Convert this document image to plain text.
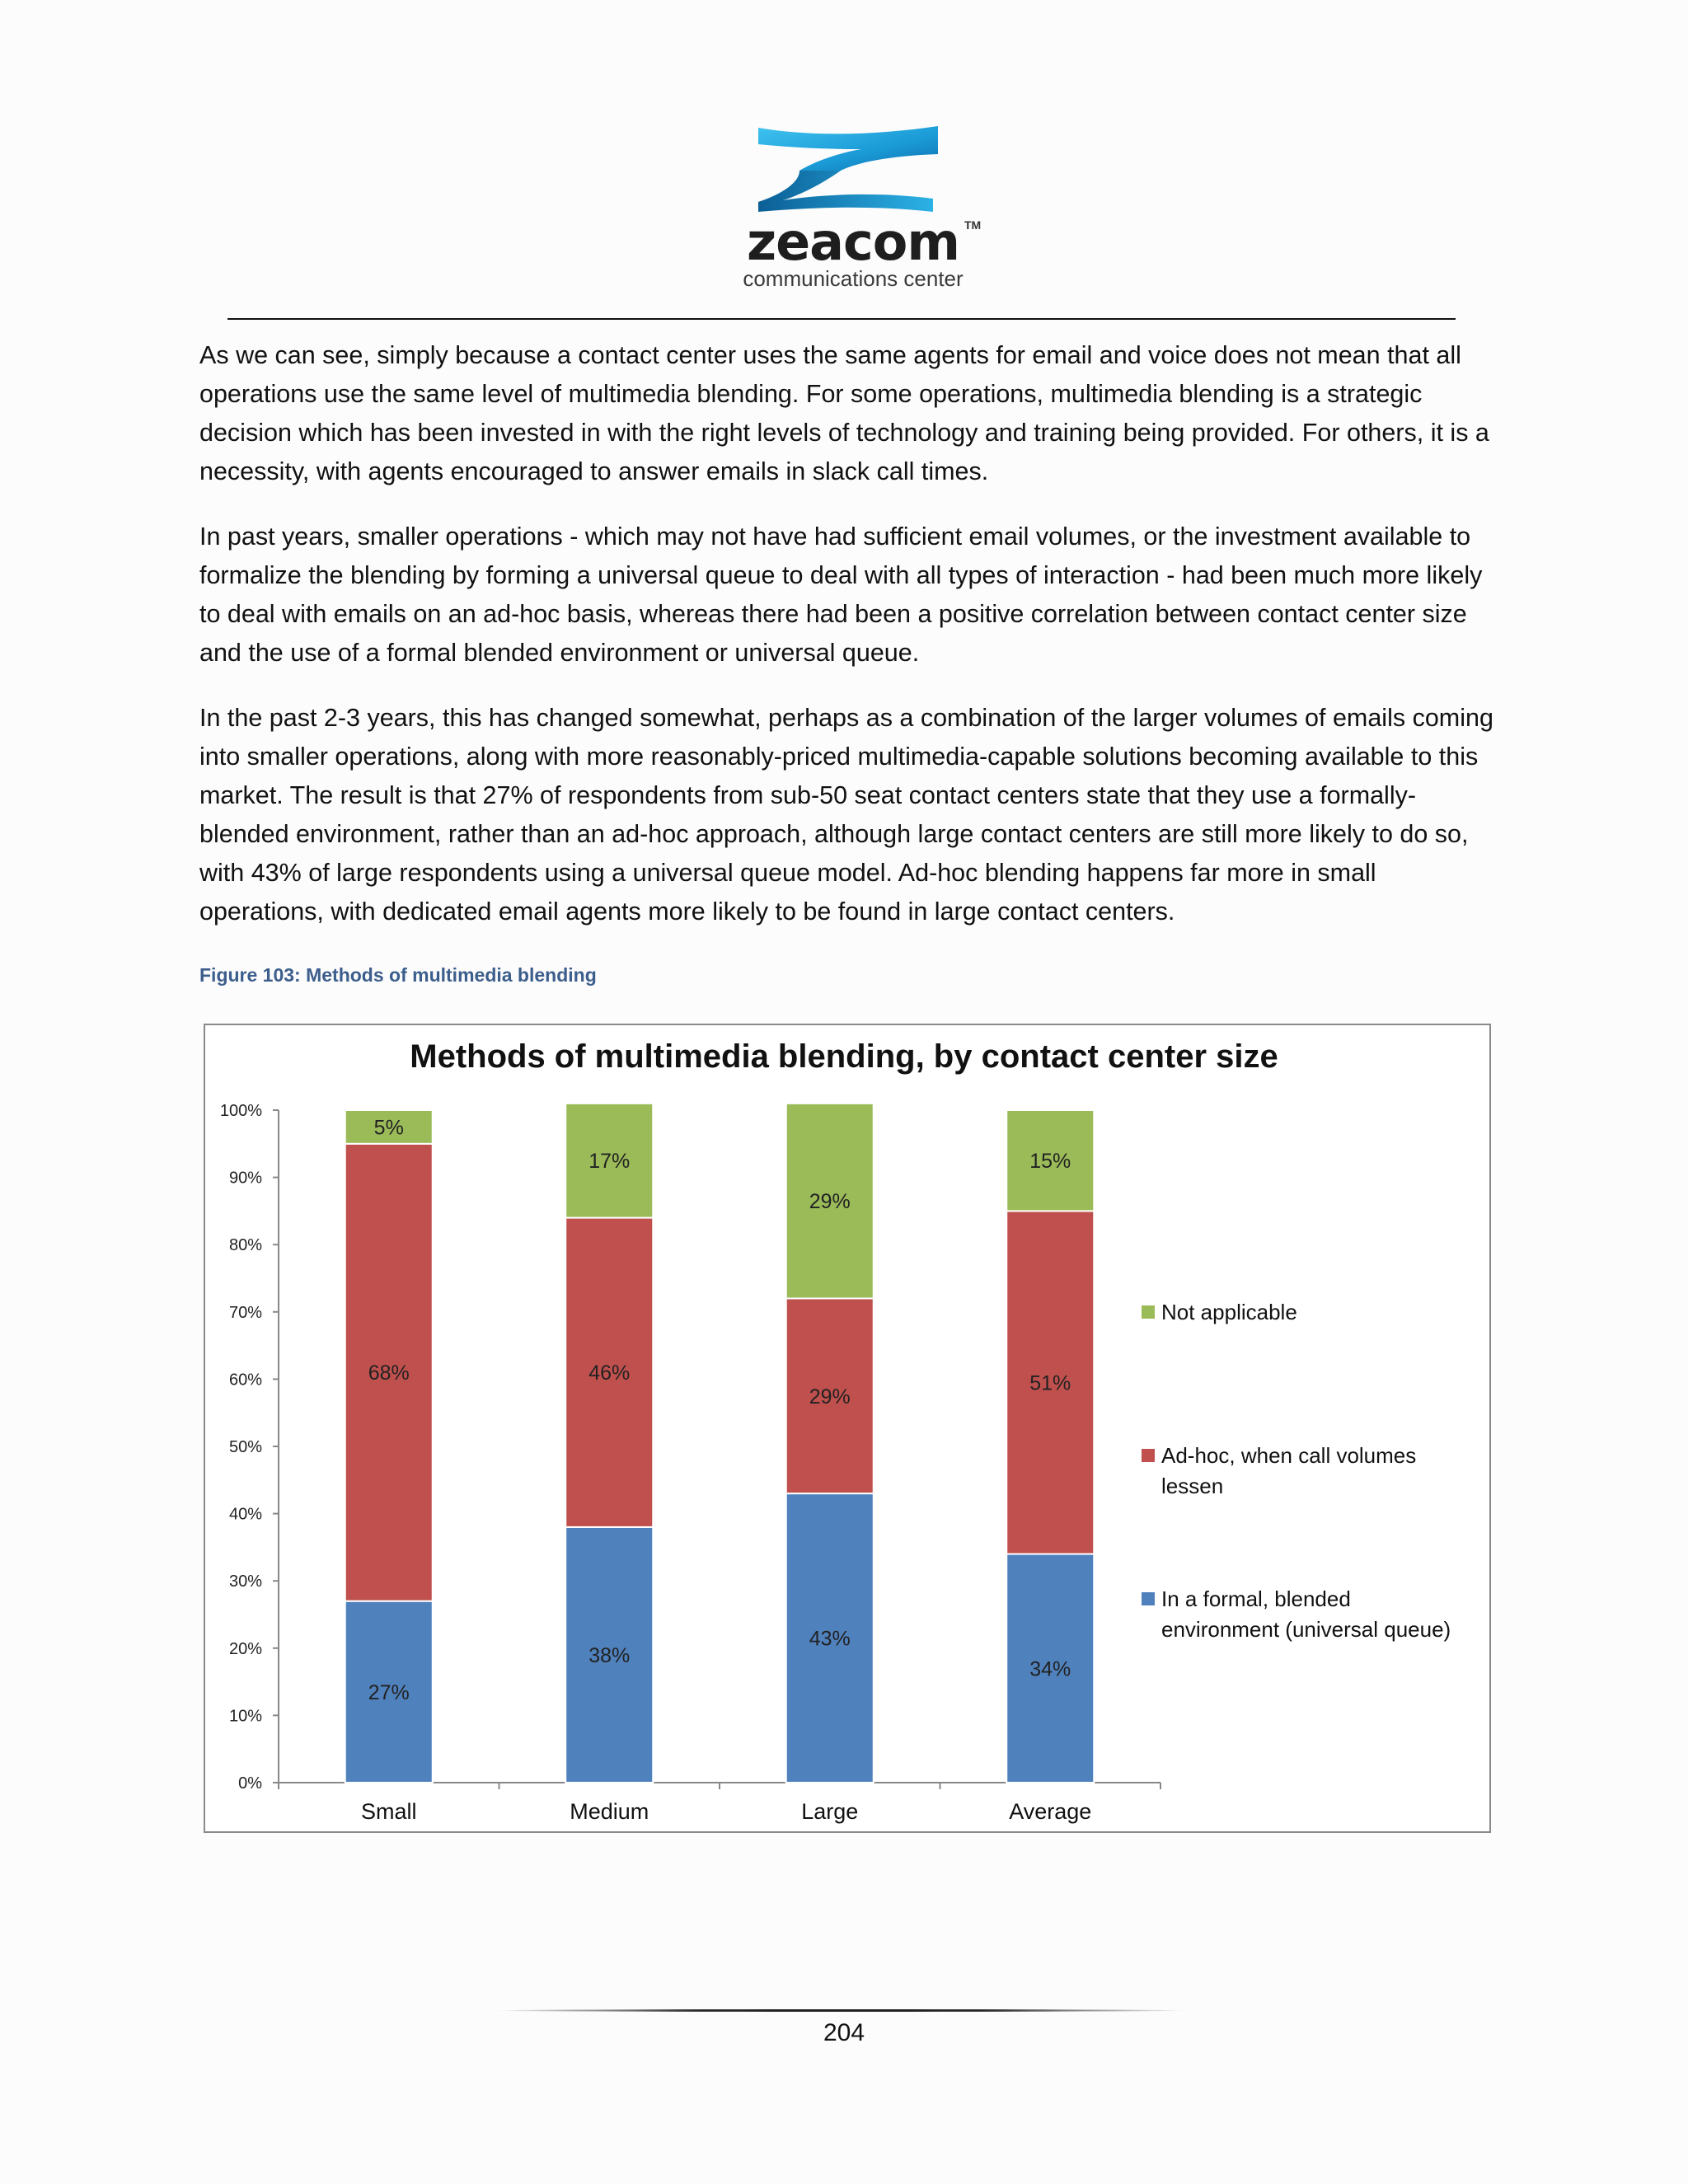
zeacom TM
communications center

As we can see, simply because a contact center uses the same agents for email and voice does not mean that all operations use the same level of multimedia blending. For some operations, multimedia blending is a strategic decision which has been invested in with the right levels of technology and training being provided. For others, it is a necessity, with agents encouraged to answer emails in slack call times.

In past years, smaller operations - which may not have had sufficient email volumes, or the investment available to formalize the blending by forming a universal queue to deal with all types of interaction - had been much more likely to deal with emails on an ad-hoc basis, whereas there had been a positive correlation between contact center size and the use of a formal blended environment or universal queue.

In the past 2-3 years, this has changed somewhat, perhaps as a combination of the larger volumes of emails coming into smaller operations, along with more reasonably-priced multimedia-capable solutions becoming available to this market. The result is that 27% of respondents from sub-50 seat contact centers state that they use a formally-blended environment, rather than an ad-hoc approach, although large contact centers are still more likely to do so, with 43% of large respondents using a universal queue model. Ad-hoc blending happens far more in small operations, with dedicated email agents more likely to be found in large contact centers.

Figure 103: Methods of multimedia blending
Methods of multimedia blending, by contact center size
0%
10%
20%
30%
40%
50%
60%
70%
80%
90%
100%
27%
68%
5%
Small
38%
46%
17%
Medium
43%
29%
29%
Large
34%
51%
15%
Average
Not applicable
Ad-hoc, when call volumes
lessen
In a formal, blended
environment (universal queue)
204
